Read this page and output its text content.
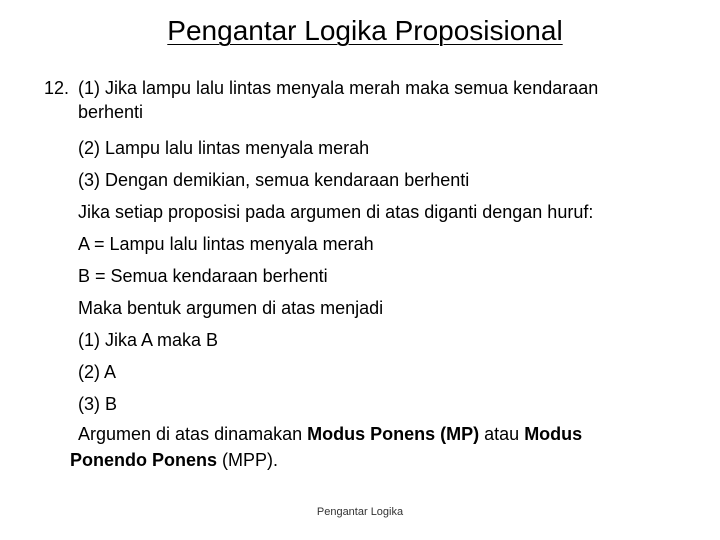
Pengantar Logika Proposisional
12. (1) Jika lampu lalu lintas menyala merah maka semua kendaraan
berhenti
(2) Lampu lalu lintas menyala merah
(3) Dengan demikian, semua kendaraan berhenti
Jika setiap proposisi pada argumen di atas diganti dengan huruf:
A = Lampu lalu lintas menyala merah
B = Semua kendaraan berhenti
Maka bentuk argumen di atas menjadi
(1) Jika A maka B
(2) A
(3) B
Argumen di atas dinamakan Modus Ponens (MP) atau Modus
Ponendo Ponens (MPP).
Pengantar Logika
